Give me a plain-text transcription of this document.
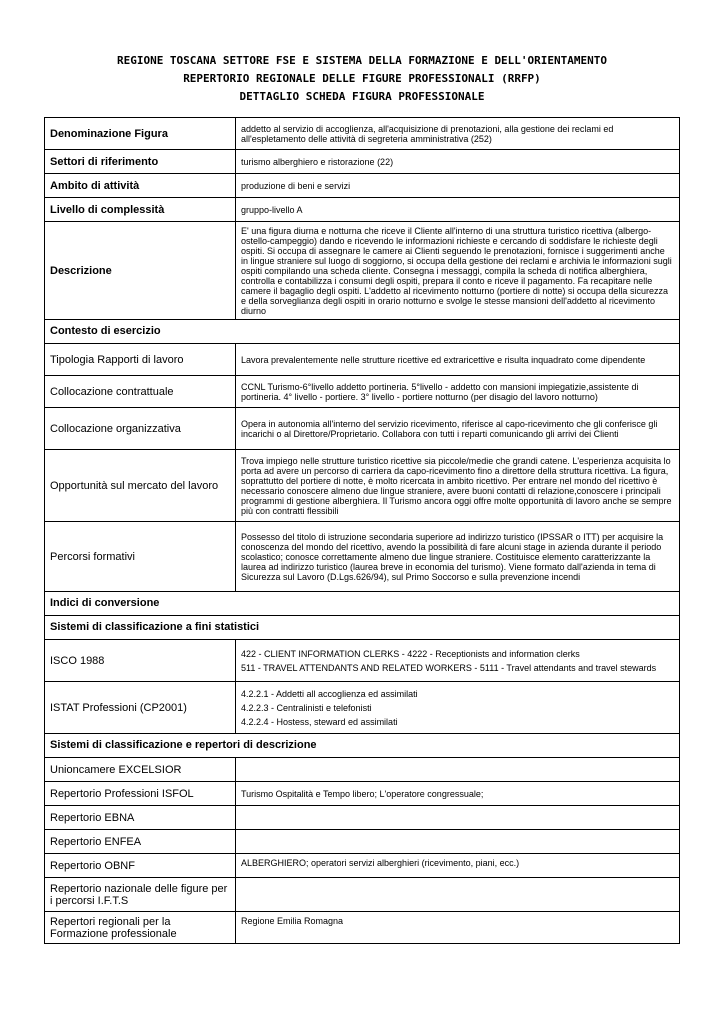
REGIONE TOSCANA SETTORE FSE E SISTEMA DELLA FORMAZIONE E DELL'ORIENTAMENTO
REPERTORIO REGIONALE DELLE FIGURE PROFESSIONALI (RRFP)
DETTAGLIO SCHEDA FIGURA PROFESSIONALE
Denominazione Figura	addetto al servizio di accoglienza, all'acquisizione di prenotazioni, alla gestione dei reclami ed all'espletamento delle attività di segreteria amministrativa (252)
Settori di riferimento	turismo alberghiero e ristorazione (22)
Ambito di attività	produzione di beni e servizi
Livello di complessità	gruppo-livello A
Descrizione	E' una figura diurna e notturna che riceve il Cliente all'interno di una struttura turistico ricettiva (albergo-ostello-campeggio) dando e ricevendo le informazioni richieste e cercando di soddisfare le richieste degli ospiti. Si occupa di assegnare le camere ai Clienti seguendo le prenotazioni, fornisce i suggerimenti anche in lingue straniere sul luogo di soggiorno, si occupa della gestione dei reclami e archivia le informazioni sugli ospiti compilando una scheda cliente. Consegna i messaggi, compila la scheda di notifica alberghiera, controlla e contabilizza i consumi degli ospiti, prepara il conto e riceve il pagamento. Fa recapitare nelle camere il bagaglio degli ospiti. L'addetto al ricevimento notturno (portiere di notte) si occupa della sicurezza e della sorveglianza degli ospiti in orario notturno e svolge le stesse mansioni dell'addetto al ricevimento diurno
Contesto di esercizio	
Tipologia Rapporti di lavoro	Lavora prevalentemente nelle strutture ricettive ed extraricettive e risulta inquadrato come dipendente
Collocazione contrattuale	CCNL Turismo-6°livello addetto portineria. 5°livello - addetto con mansioni impiegatizie,assistente di portineria. 4° livello - portiere. 3° livello - portiere notturno (per disagio del lavoro notturno)
Collocazione organizzativa	Opera in autonomia all'interno del servizio ricevimento, riferisce al capo-ricevimento che gli conferisce gli incarichi o al Direttore/Proprietario. Collabora con tutti i reparti comunicando gli arrivi dei Clienti
Opportunità sul mercato del lavoro	Trova impiego nelle strutture turistico ricettive sia piccole/medie che grandi catene. L'esperienza acquisita lo porta ad avere un percorso di carriera da capo-ricevimento fino a direttore della struttura ricettiva. La figura, soprattutto del portiere di notte, è molto ricercata in ambito ricettivo. Per entrare nel mondo del ricettivo è necessario conoscere almeno due lingue straniere, avere buoni contatti di relazione,conoscere i principali programmi di gestione alberghiera. Il Turismo ancora oggi offre molte opportunità di lavoro anche se sempre più con contratti flessibili
Percorsi formativi	Possesso del titolo di istruzione secondaria superiore ad indirizzo turistico (IPSSAR o ITT) per acquisire la conoscenza del mondo del ricettivo, avendo la possibilità di fare alcuni stage in azienda durante il periodo scolastico; conosce correttamente almeno due lingue straniere. Costituisce elemento caratterizzante la laurea ad indirizzo turistico (laurea breve in economia del turismo). Viene formato dall'azienda in tema di Sicurezza sul Lavoro (D.Lgs.626/94), sul Primo Soccorso e sulla prevenzione incendi
Indici di conversione	
Sistemi di classificazione a fini statistici	
ISCO 1988	422 - CLIENT INFORMATION CLERKS - 4222 - Receptionists and information clerks

511 - TRAVEL ATTENDANTS AND RELATED WORKERS - 5111 - Travel attendants and travel stewards

ISTAT Professioni (CP2001)	4.2.2.1 - Addetti all accoglienza ed assimilati

4.2.2.3 - Centralinisti e telefonisti

4.2.2.4 - Hostess, steward ed assimilati

Sistemi di classificazione e repertori di descrizione	
Unioncamere EXCELSIOR	
Repertorio Professioni ISFOL	Turismo Ospitalità e Tempo libero; L'operatore congressuale;
Repertorio EBNA	
Repertorio ENFEA	
Repertorio OBNF	ALBERGHIERO; operatori servizi alberghieri (ricevimento, piani, ecc.)
Repertorio nazionale delle figure per i percorsi I.F.T.S	
Repertori regionali per la Formazione professionale	Regione Emilia Romagna
